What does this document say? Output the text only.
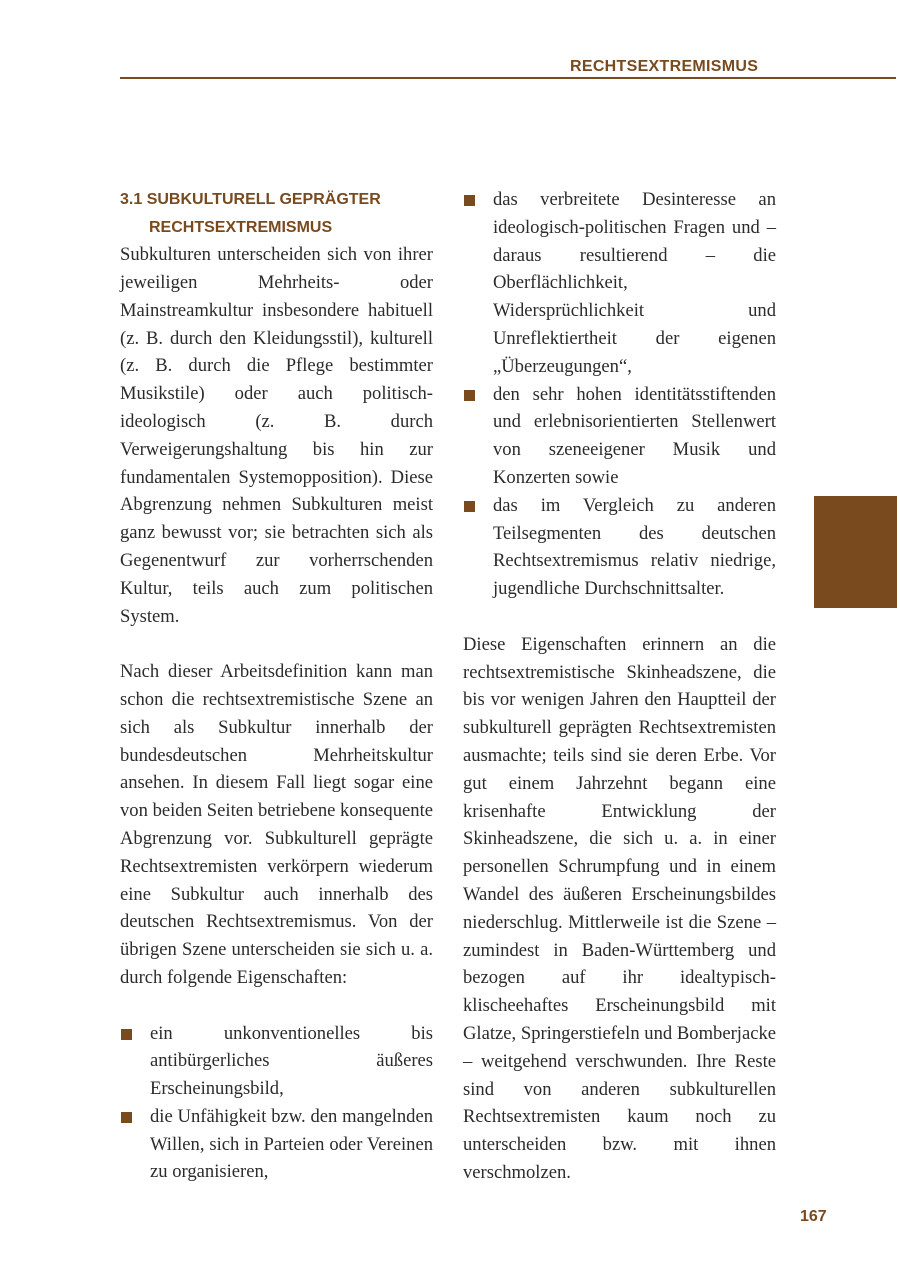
RECHTSEXTREMISMUS
3.1 SUBKULTURELL GEPRÄGTER
RECHTSEXTREMISMUS

Subkulturen unterscheiden sich von ihrer jeweiligen Mehrheits- oder Mainstreamkultur insbesondere habituell (z. B. durch den Kleidungsstil), kulturell (z. B. durch die Pflege bestimmter Musikstile) oder auch politisch-ideologisch (z. B. durch Verweigerungshaltung bis hin zur fundamentalen Systemopposition). Diese Abgrenzung nehmen Subkulturen meist ganz bewusst vor; sie betrachten sich als Gegenentwurf zur vorherrschenden Kultur, teils auch zum politischen System.

Nach dieser Arbeitsdefinition kann man schon die rechtsextremistische Szene an sich als Subkultur innerhalb der bundesdeutschen Mehrheitskultur ansehen. In diesem Fall liegt sogar eine von beiden Seiten betriebene konsequente Abgrenzung vor. Subkulturell geprägte Rechtsextremisten verkörpern wiederum eine Subkultur auch innerhalb des deutschen Rechtsextremismus. Von der übrigen Szene unterscheiden sie sich u. a. durch folgende Eigenschaften:

ein unkonventionelles bis antibürgerliches äußeres Erscheinungsbild,
die Unfähigkeit bzw. den mangelnden Willen, sich in Parteien oder Vereinen zu organisieren,
das verbreitete Desinteresse an ideologisch-politischen Fragen und – daraus resultierend – die Oberflächlichkeit, Widersprüchlichkeit und Unreflektiertheit der eigenen „Überzeugungen“,
den sehr hohen identitätsstiftenden und erlebnisorientierten Stellenwert von szeneeigener Musik und Konzerten sowie
das im Vergleich zu anderen Teilsegmenten des deutschen Rechtsextremismus relativ niedrige, jugendliche Durchschnittsalter.

Diese Eigenschaften erinnern an die rechtsextremistische Skinheadszene, die bis vor wenigen Jahren den Hauptteil der subkulturell geprägten Rechtsextremisten ausmachte; teils sind sie deren Erbe. Vor gut einem Jahrzehnt begann eine krisenhafte Entwicklung der Skinheadszene, die sich u. a. in einer personellen Schrumpfung und in einem Wandel des äußeren Erscheinungsbildes niederschlug. Mittlerweile ist die Szene – zumindest in Baden-Württemberg und bezogen auf ihr idealtypisch-klischeehaftes Erscheinungsbild mit Glatze, Springerstiefeln und Bomberjacke – weitgehend verschwunden. Ihre Reste sind von anderen subkulturellen Rechtsextremisten kaum noch zu unterscheiden bzw. mit ihnen verschmolzen.

167
